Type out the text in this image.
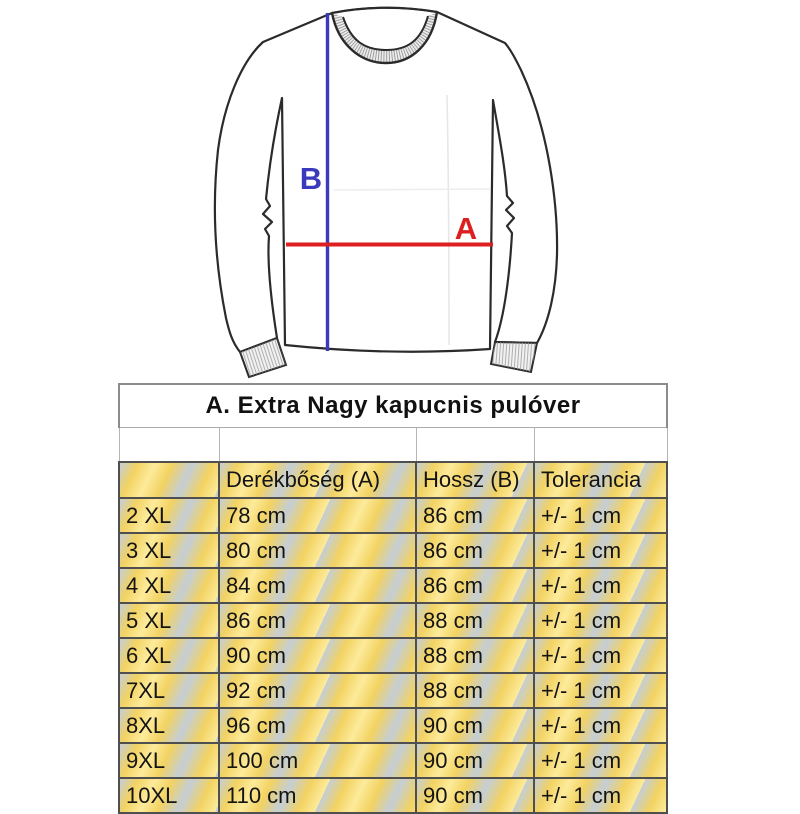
B
A
A. Extra Nagy kapucnis pulóver			

	Derékbőség (A)	Hossz (B)	Tolerancia
2 XL	78 cm	86 cm	+/- 1 cm
3 XL	80 cm	86 cm	+/- 1 cm
4 XL	84 cm	86 cm	+/- 1 cm
5 XL	86 cm	88 cm	+/- 1 cm
6 XL	90 cm	88 cm	+/- 1 cm
7XL	92 cm	88 cm	+/- 1 cm
8XL	96 cm	90 cm	+/- 1 cm
9XL	100 cm	90 cm	+/- 1 cm
10XL	110 cm	90 cm	+/- 1 cm
